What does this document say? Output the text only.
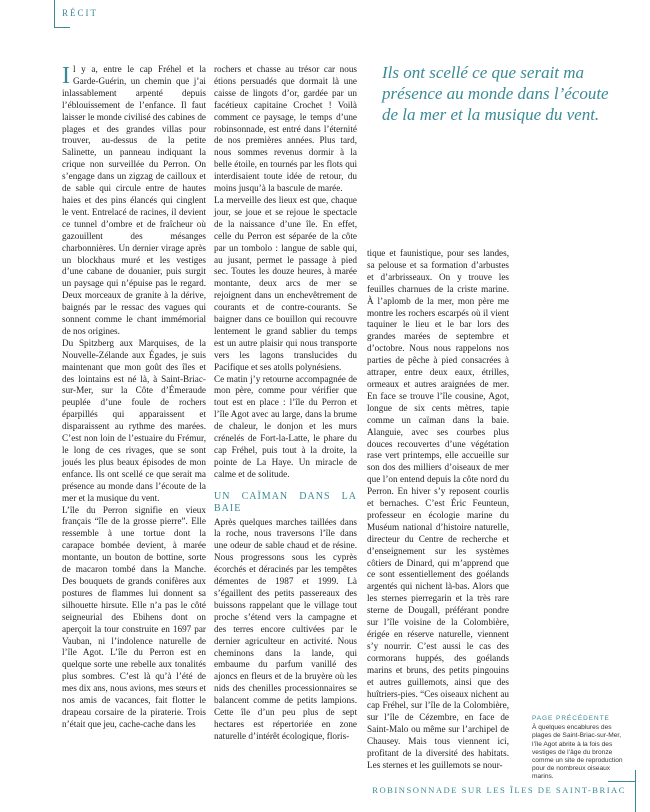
RÉCIT

Il y a, entre le cap Fréhel et la Garde-Guérin, un chemin que j’ai inlassablement arpenté depuis l’éblouissement de l’enfance. Il faut laisser le monde civilisé des cabines de plages et des grandes villas pour trouver, au-dessus de la petite Salinette, un panneau indiquant la crique non surveillée du Perron. On s’engage dans un zigzag de cailloux et de sable qui circule entre de hautes haies et des pins élancés qui cinglent le vent. Entrelacé de racines, il devient ce tunnel d’ombre et de fraîcheur où gazouillent des mésanges charbonnières. Un dernier virage après un blockhaus muré et les vestiges d’une cabane de douanier, puis surgit un paysage qui n’épuise pas le regard. Deux morceaux de granite à la dérive, baignés par le ressac des vagues qui sonnent comme le chant immémorial de nos origines.

Du Spitzberg aux Marquises, de la Nouvelle-Zélande aux Égades, je suis maintenant que mon goût des îles et des lointains est né là, à Saint-Briac-sur-Mer, sur la Côte d’Émeraude peuplée d’une foule de rochers éparpillés qui apparaissent et disparaissent au rythme des marées. C’est non loin de l’estuaire du Frémur, le long de ces rivages, que se sont joués les plus beaux épisodes de mon enfance. Ils ont scellé ce que serait ma présence au monde dans l’écoute de la mer et la musique du vent.

L’île du Perron signifie en vieux français “île de la grosse pierre”. Elle ressemble à une tortue dont la carapace bombée devient, à marée montante, un bouton de bottine, sorte de macaron tombé dans la Manche. Des bouquets de grands conifères aux postures de flammes lui donnent sa silhouette hirsute. Elle n’a pas le côté seigneurial des Ebihens dont on aperçoit la tour construite en 1697 par Vauban, ni l’indolence naturelle de l’île Agot. L’île du Perron est en quelque sorte une rebelle aux tonalités plus sombres. C’est là qu’à l’été de mes dix ans, nous avions, mes sœurs et nos amis de vacances, fait flotter le drapeau corsaire de la piraterie. Trois n’était que jeu, cache-cache dans les

rochers et chasse au trésor car nous étions persuadés que dormait là une caisse de lingots d’or, gardée par un facétieux capitaine Crochet ! Voilà comment ce paysage, le temps d’une robinsonnade, est entré dans l’éternité de nos premières années. Plus tard, nous sommes revenus dormir à la belle étoile, en tournés par les flots qui interdisaient toute idée de retour, du moins jusqu’à la bascule de marée.

La merveille des lieux est que, chaque jour, se joue et se rejoue le spectacle de la naissance d’une île. En effet, celle du Perron est séparée de la côte par un tombolo : langue de sable qui, au jusant, permet le passage à pied sec. Toutes les douze heures, à marée montante, deux arcs de mer se rejoignent dans un enchevêtrement de courants et de contre-courants. Se baigner dans ce bouillon qui recouvre lentement le grand sablier du temps est un autre plaisir qui nous transporte vers les lagons translucides du Pacifique et ses atolls polynésiens.

Ce matin j’y retourne accompagnée de mon père, comme pour vérifier que tout est en place : l’île du Perron et l’île Agot avec au large, dans la brume de chaleur, le donjon et les murs crénelés de Fort-la-Latte, le phare du cap Fréhel, puis tout à la droite, la pointe de La Haye. Un miracle de calme et de solitude.

UN CAÏMAN DANS LA BAIE

Après quelques marches taillées dans la roche, nous traversons l’île dans une odeur de sable chaud et de résine. Nous progressons sous les cyprès écorchés et déracinés par les tempêtes démentes de 1987 et 1999. Là s’égaillent des petits passereaux des buissons rappelant que le village tout proche s’étend vers la campagne et des terres encore cultivées par le dernier agriculteur en activité. Nous cheminons dans la lande, qui embaume du parfum vanillé des ajoncs en fleurs et de la bruyère où les nids des chenilles processionnaires se balancent comme de petits lampions. Cette île d’un peu plus de sept hectares est répertoriée en zone naturelle d’intérêt écologique, floris-

Ils ont scellé ce que serait ma présence au monde dans l’écoute de la mer et la musique du vent.

tique et faunistique, pour ses landes, sa pelouse et sa formation d’arbustes et d’arbrisseaux. On y trouve les feuilles charnues de la criste marine. À l’aplomb de la mer, mon père me montre les rochers escarpés où il vient taquiner le lieu et le bar lors des grandes marées de septembre et d’octobre. Nous nous rappelons nos parties de pêche à pied consacrées à attraper, entre deux eaux, étrilles, ormeaux et autres araignées de mer. En face se trouve l’île cousine, Agot, longue de six cents mètres, tapie comme un caïman dans la baie. Alanguie, avec ses courbes plus douces recouvertes d’une végétation rase vert printemps, elle accueille sur son dos des milliers d’oiseaux de mer que l’on entend depuis la côte nord du Perron. En hiver s’y reposent courlis et bernaches. C’est Éric Feunteun, professeur en écologie marine du Muséum national d’histoire naturelle, directeur du Centre de recherche et d’enseignement sur les systèmes côtiers de Dinard, qui m’apprend que ce sont essentiellement des goélands argentés qui nichent là-bas. Alors que les sternes pierregarin et la très rare sterne de Dougall, préférant pondre sur l’île voisine de la Colombière, érigée en réserve naturelle, viennent s’y nourrir. C’est aussi le cas des cormorans huppés, des goélands marins et bruns, des petits pingouins et autres guillemots, ainsi que des huîtriers-pies. “Ces oiseaux nichent au cap Fréhel, sur l’île de la Colombière, sur l’île de Cézembre, en face de Saint-Malo ou même sur l’archipel de Chausey. Mais tous viennent ici, profitant de la diversité des habitats. Les sternes et les guillemots se nour-

PAGE PRÉCÉDENTE
À quelques encablures des plages de Saint-Briac-sur-Mer, l’île Agot abrite à la fois des vestiges de l’âge du bronze comme un site de reproduction pour de nombreux oiseaux marins.
ROBINSONNADE SUR LES ÎLES DE SAINT-BRIAC
